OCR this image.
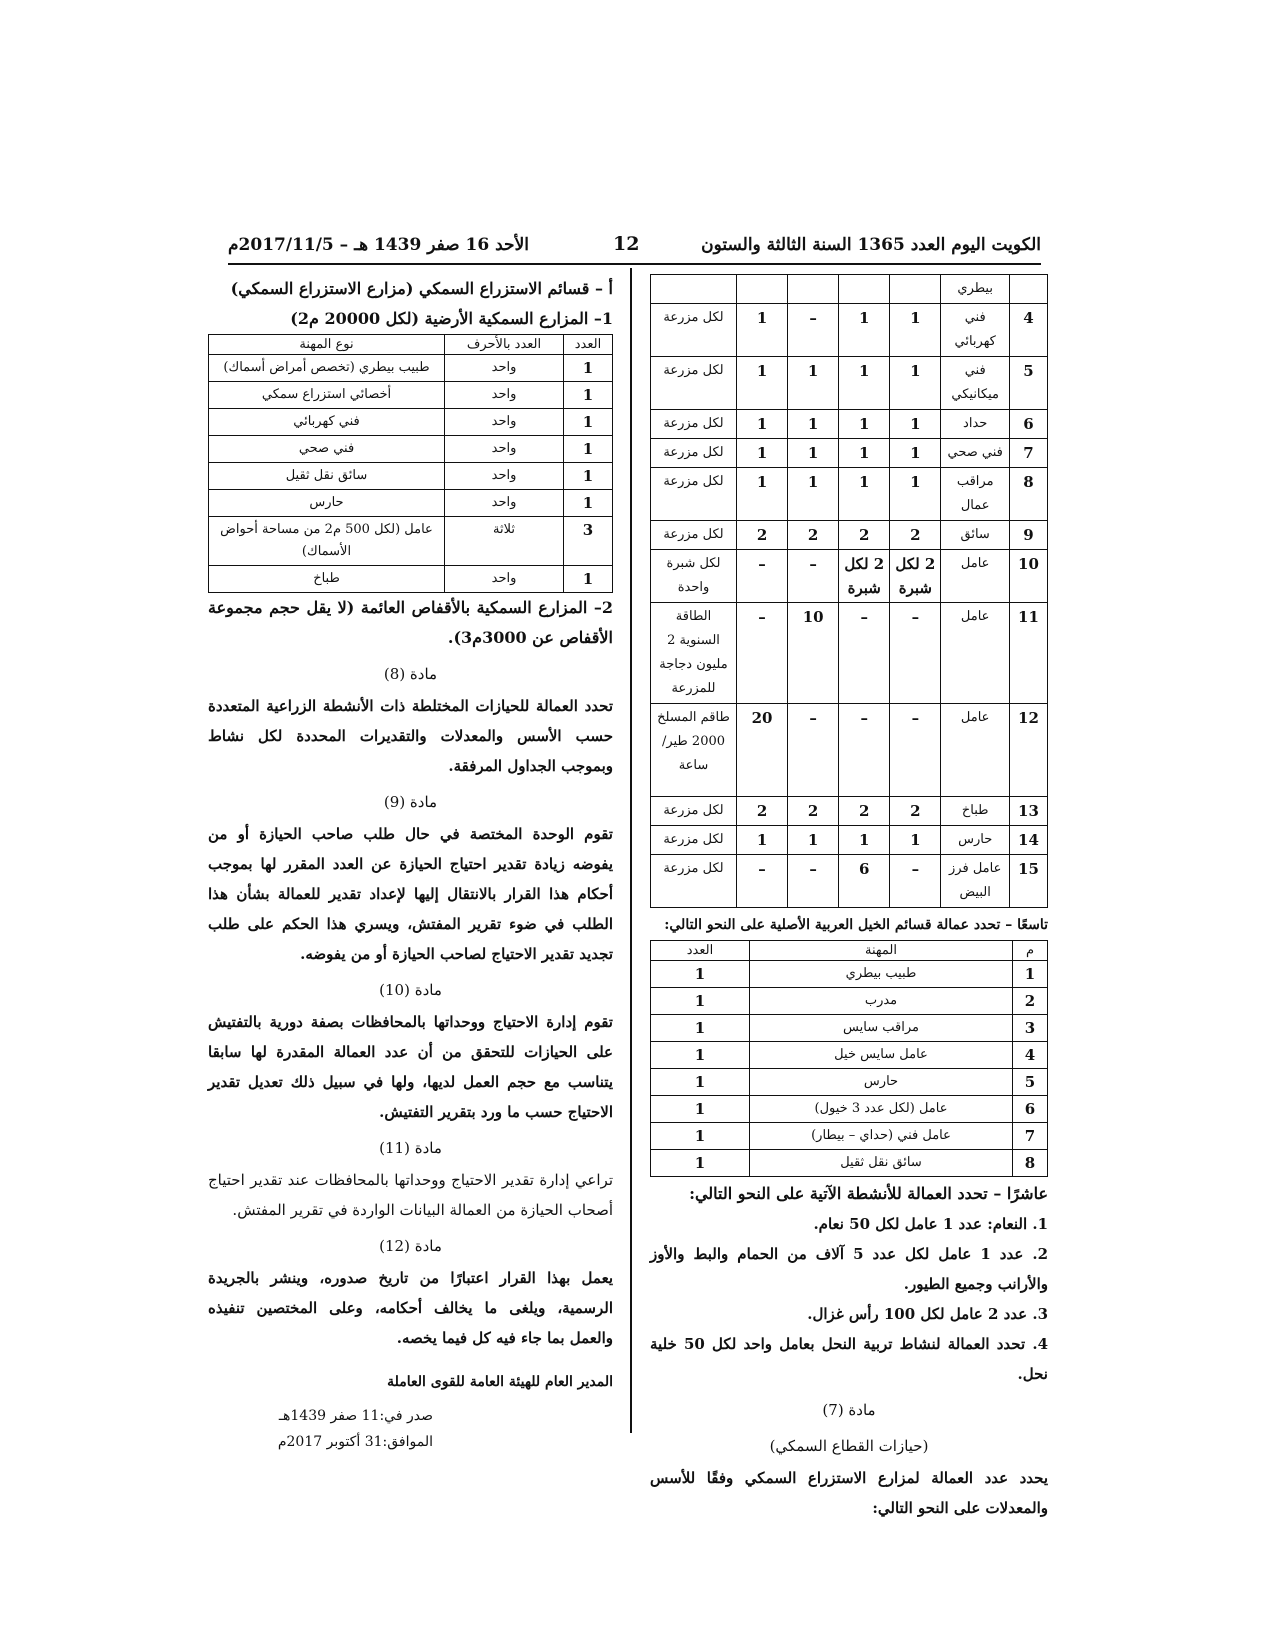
الكويت اليوم العدد 1365 السنة الثالثة والستون
12
الأحد 16 صفر 1439 هـ – 2017/11/5م
	بيطري					
4	فني كهربائي	1	1	–	1	لكل مزرعة
5	فني ميكانيكي	1	1	1	1	لكل مزرعة
6	حداد	1	1	1	1	لكل مزرعة
7	فني صحي	1	1	1	1	لكل مزرعة
8	مراقب عمال	1	1	1	1	لكل مزرعة
9	سائق	2	2	2	2	لكل مزرعة
10	عامل	2 لكل شبرة	2 لكل شبرة	–	–	لكل شبرة واحدة
11	عامل	–	–	10	–	الطاقة السنوية 2 مليون دجاجة للمزرعة
12	عامل	–	–	–	20	طاقم المسلخ 2000 طير/ ساعة
13	طباخ	2	2	2	2	لكل مزرعة
14	حارس	1	1	1	1	لكل مزرعة
15	عامل فرز البيض	–	6	–	–	لكل مزرعة

تاسعًا – تحدد عمالة قسائم الخيل العربية الأصلية على النحو التالي:

م	المهنة	العدد
1	طبيب بيطري	1
2	مدرب	1
3	مراقب سايس	1
4	عامل سايس خيل	1
5	حارس	1
6	عامل (لكل عدد 3 خيول)	1
7	عامل فني (حداي – بيطار)	1
8	سائق نقل ثقيل	1

عاشرًا – تحدد العمالة للأنشطة الآتية على النحو التالي:

1. النعام: عدد 1 عامل لكل 50 نعام.

2. عدد 1 عامل لكل عدد 5 آلاف من الحمام والبط والأوز والأرانب وجميع الطيور.

3. عدد 2 عامل لكل 100 رأس غزال.

4. تحدد العمالة لنشاط تربية النحل بعامل واحد لكل 50 خلية نحل.

مادة (7)

(حيازات القطاع السمكي)

يحدد عدد العمالة لمزارع الاستزراع السمكي وفقًا للأسس والمعدلات على النحو التالي:

أ – قسائم الاستزراع السمكي (مزارع الاستزراع السمكي)

1– المزارع السمكية الأرضية (لكل 20000 م2)

العدد	العدد بالأحرف	نوع المهنة
1	واحد	طبيب بيطري (تخصص أمراض أسماك)
1	واحد	أخصائي استزراع سمكي
1	واحد	فني كهربائي
1	واحد	فني صحي
1	واحد	سائق نقل ثقيل
1	واحد	حارس
3	ثلاثة	عامل (لكل 500 م2 من مساحة أحواض الأسماك)
1	واحد	طباخ

2– المزارع السمكية بالأقفاص العائمة (لا يقل حجم مجموعة الأقفاص عن 3000م3).

مادة (8)

تحدد العمالة للحيازات المختلطة ذات الأنشطة الزراعية المتعددة حسب الأسس والمعدلات والتقديرات المحددة لكل نشاط وبموجب الجداول المرفقة.

مادة (9)

تقوم الوحدة المختصة في حال طلب صاحب الحيازة أو من يفوضه زيادة تقدير احتياج الحيازة عن العدد المقرر لها بموجب أحكام هذا القرار بالانتقال إليها لإعداد تقدير للعمالة بشأن هذا الطلب في ضوء تقرير المفتش، ويسري هذا الحكم على طلب تجديد تقدير الاحتياج لصاحب الحيازة أو من يفوضه.

مادة (10)

تقوم إدارة الاحتياج ووحداتها بالمحافظات بصفة دورية بالتفتيش على الحيازات للتحقق من أن عدد العمالة المقدرة لها سابقا يتناسب مع حجم العمل لديها، ولها في سبيل ذلك تعديل تقدير الاحتياج حسب ما ورد بتقرير التفتيش.

مادة (11)

تراعي إدارة تقدير الاحتياج ووحداتها بالمحافظات عند تقدير احتياج أصحاب الحيازة من العمالة البيانات الواردة في تقرير المفتش.

مادة (12)

يعمل بهذا القرار اعتبارًا من تاريخ صدوره، وينشر بالجريدة الرسمية، ويلغى ما يخالف أحكامه، وعلى المختصين تنفيذه والعمل بما جاء فيه كل فيما يخصه.

المدير العام للهيئة العامة للقوى العاملة

صدر في:11 صفر 1439هـ

الموافق:31 أكتوبر 2017م
